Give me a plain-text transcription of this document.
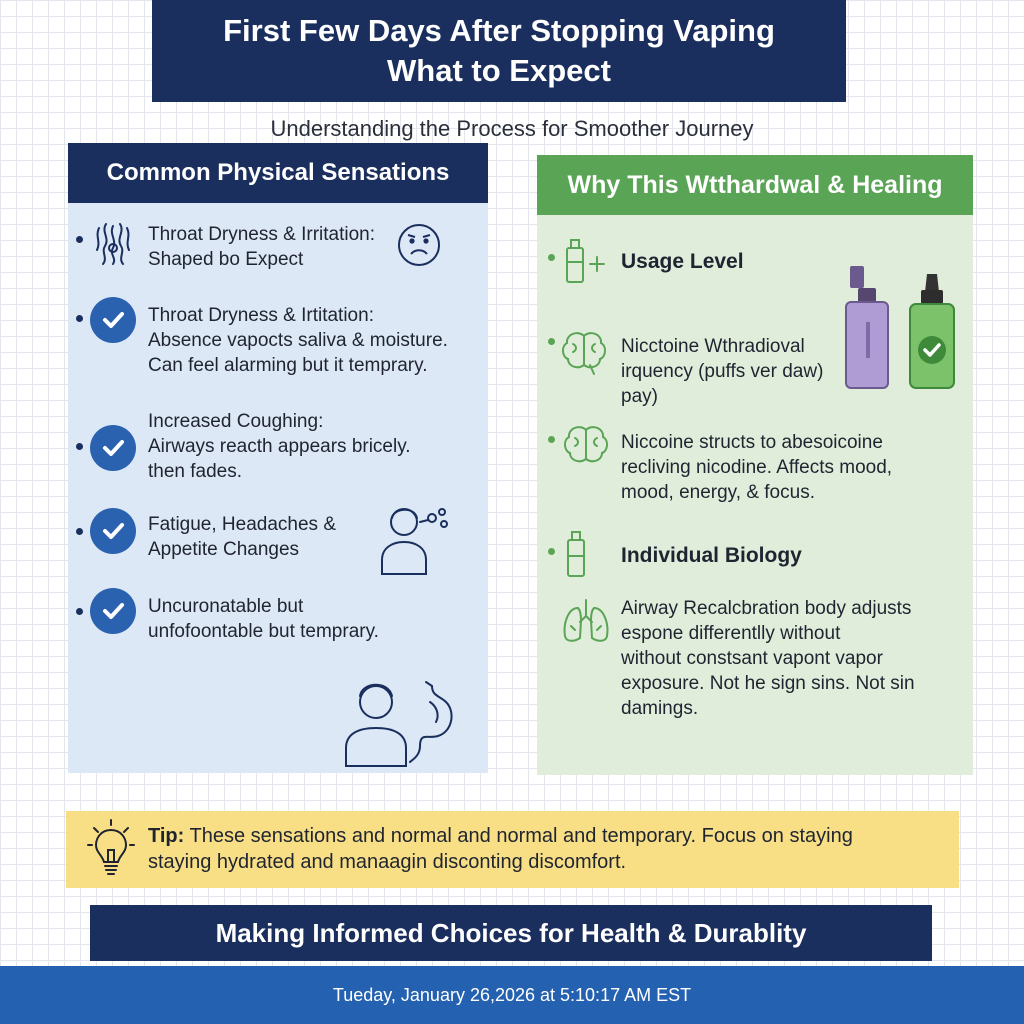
First Few Days After Stopping Vaping
What to Expect
Understanding the Process for Smoother Journey
Common Physical Sensations
Throat Dryness & Irritation:
Shaped bo Expect
Throat Dryness & Irtitation:
Absence vapocts saliva & moisture.
Can feel alarming but it temprary.
Increased Coughing:
Airways reacth appears bricely.
then fades.
Fatigue, Headaches &
Appetite Changes
Uncuronatable but
unfofoontable but temprary.
Why This Wtthardwal & Healing
Usage Level
Nicctoine Wthradioval
irquency (puffs ver daw)
pay)
Niccoine structs to abesoicoine
recliving nicodine. Affects mood,
mood, energy, & focus.
Individual Biology
Airway Recalcbration body adjusts
espone differentlly without
without constsant vapont vapor
exposure. Not he sign sins. Not sin
damings.
Tip: These sensations and normal and normal and temporary. Focus on staying
staying hydrated and manaagin disconting discomfort.
Making Informed Choices for Health & Durablity
Tueday, January 26,2026 at 5:10:17 AM EST
